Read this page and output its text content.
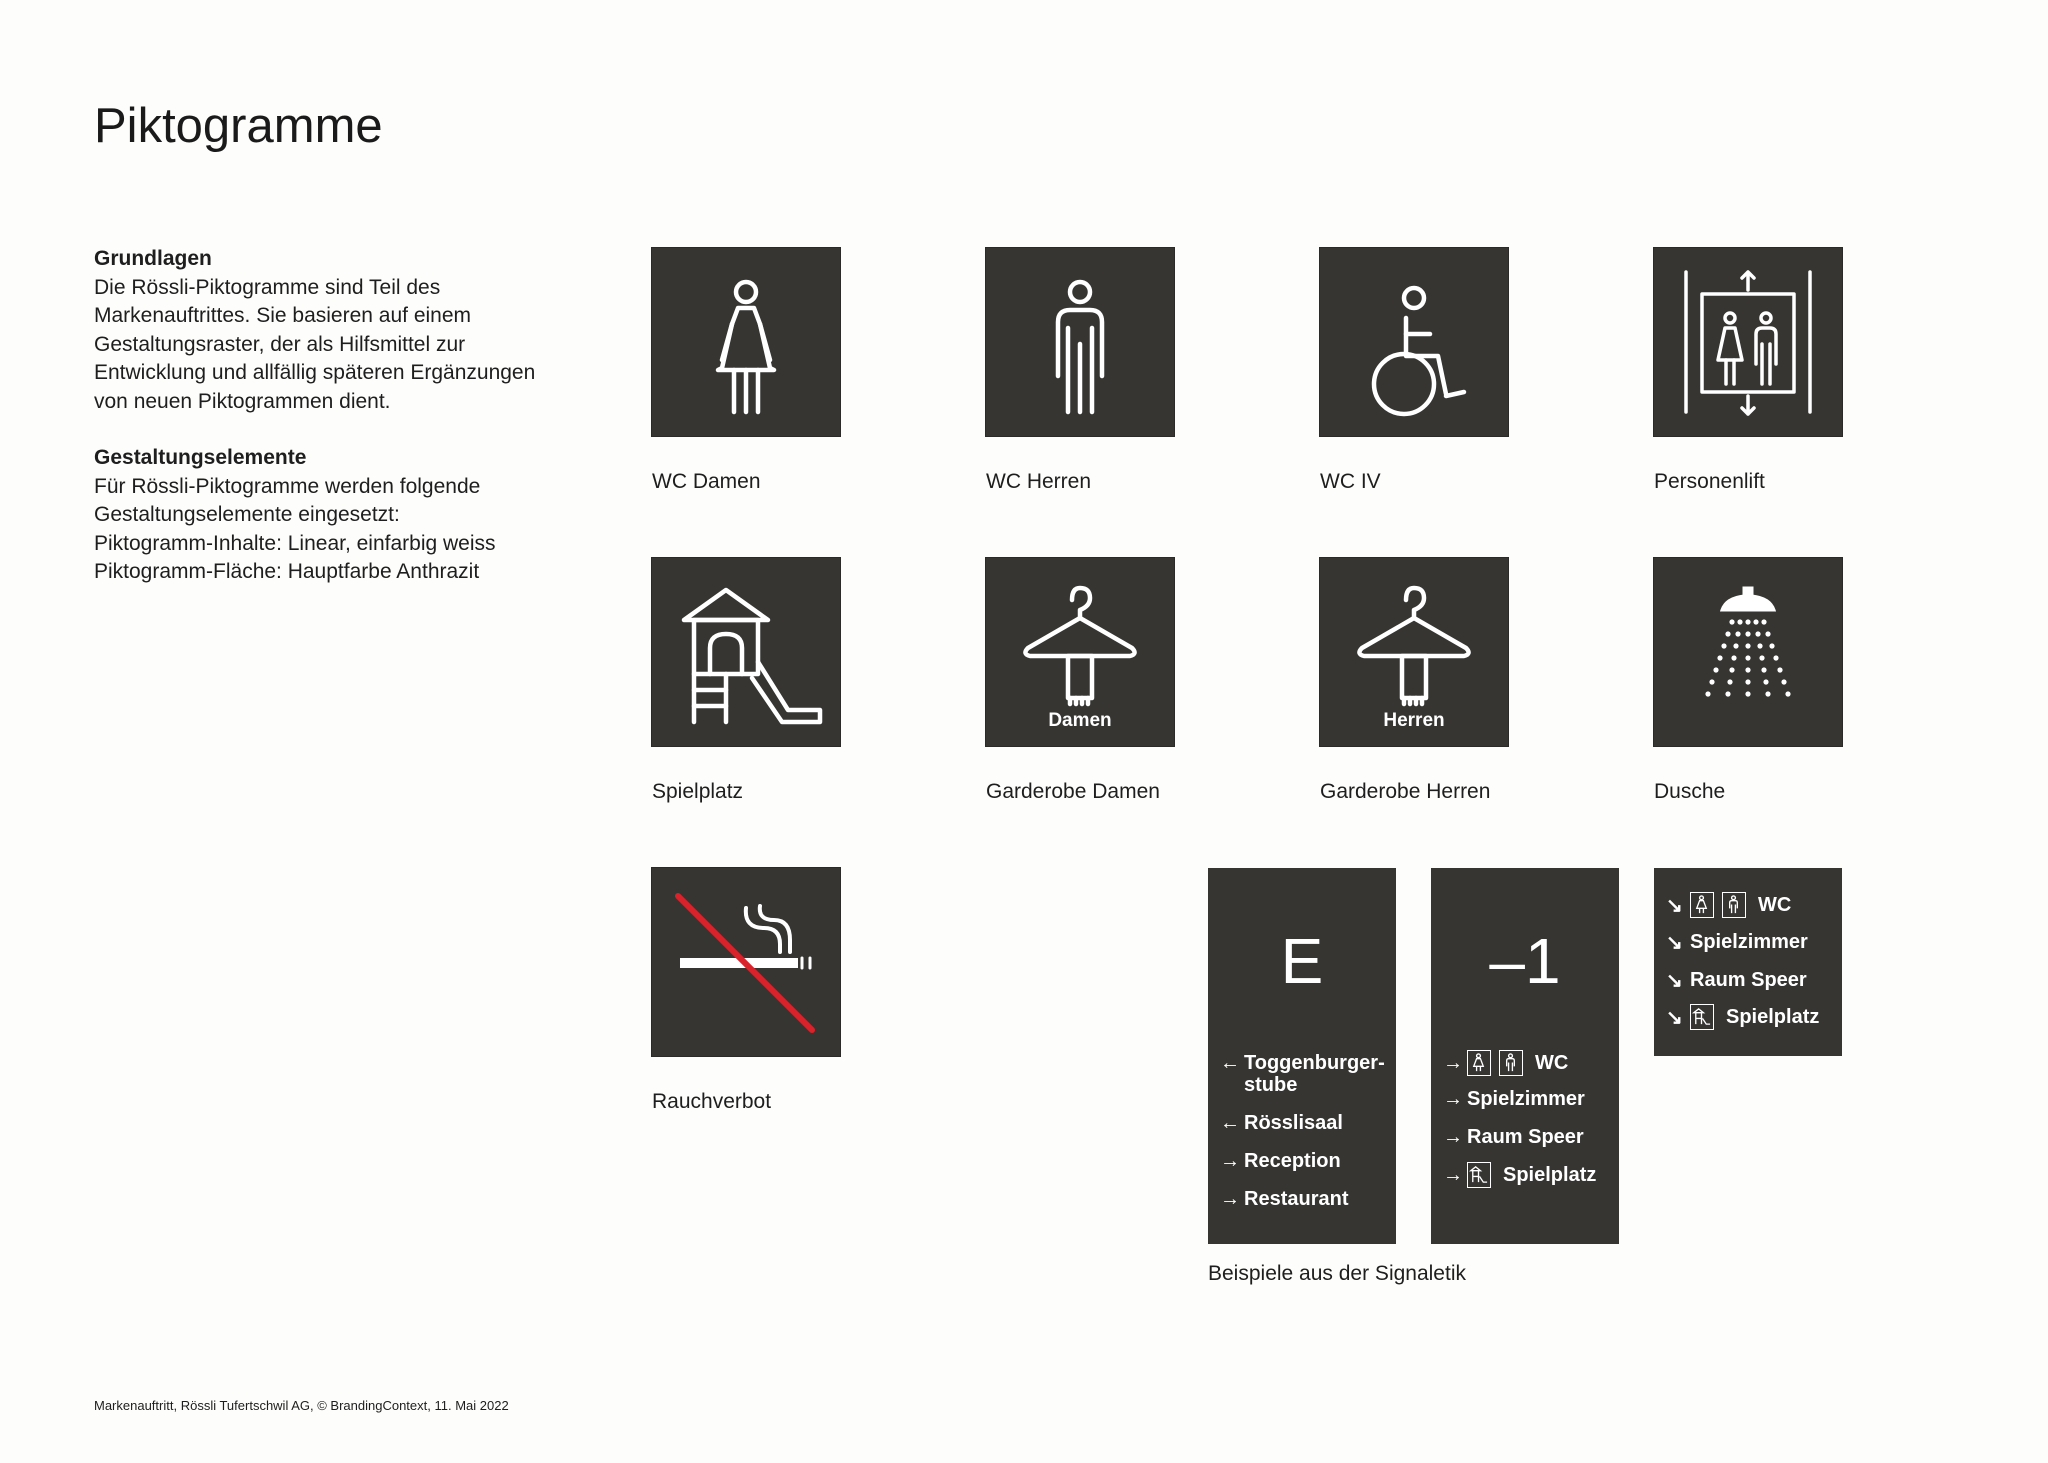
Piktogramme
Grundlagen

Die Rössli-Piktogramme sind Teil des Markenauftrittes. Sie basieren auf einem Gestaltungsraster, der als Hilfsmittel zur Entwicklung und allfällig späteren Ergänzungen von neuen Piktogrammen dient.

Gestaltungselemente
Für Rössli-Piktogramme werden folgende Gestaltungselemente eingesetzt:
Piktogramm-Inhalte: Linear, einfarbig weiss
Piktogramm-Fläche: Hauptfarbe Anthrazit
WC Damen	WC Herren	WC IV	Personenlift
Spielplatz
Damen
Garderobe Damen
Herren
Garderobe Herren	Dusche
Rauchverbot
E
← Toggenburger-
stube
← Rösslisaal
→ Reception
→ Restaurant
–1
→	WC
→ Spielzimmer
→ Raum Speer
→ Spielplatz
↘	WC
↘ Spielzimmer
↘ Raum Speer
↘	Spielplatz
Beispiele aus der Signaletik
Markenauftritt, Rössli Tufertschwil AG, © BrandingContext, 11. Mai 2022
